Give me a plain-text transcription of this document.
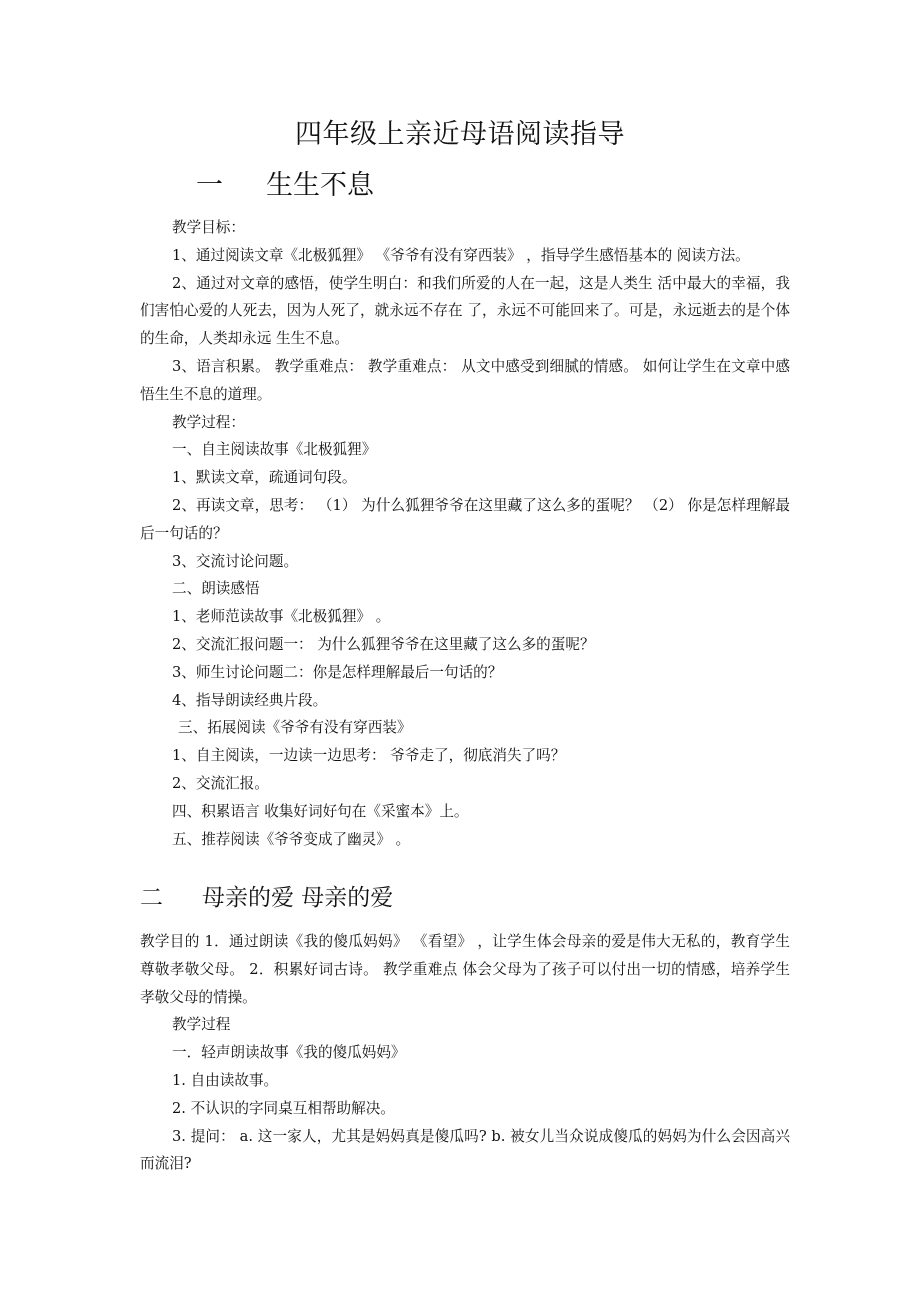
四年级上亲近母语阅读指导
一 生生不息

教学目标：

1、通过阅读文章《北极狐狸》 《爷爷有没有穿西装》 ，指导学生感悟基本的 阅读方法。

2、通过对文章的感悟，使学生明白：和我们所爱的人在一起，这是人类生 活中最大的幸福，我们害怕心爱的人死去，因为人死了，就永远不存在 了，永远不可能回来了。可是，永远逝去的是个体的生命，人类却永远 生生不息。

3、语言积累。 教学重难点： 教学重难点： 从文中感受到细腻的情感。 如何让学生在文章中感悟生生不息的道理。

教学过程：

一、自主阅读故事《北极狐狸》

1、默读文章，疏通词句段。

2、再读文章，思考： （1） 为什么狐狸爷爷在这里藏了这么多的蛋呢？ （2） 你是怎样理解最后一句话的？

3、交流讨论问题。

二、朗读感悟

1、老师范读故事《北极狐狸》 。

2、交流汇报问题一： 为什么狐狸爷爷在这里藏了这么多的蛋呢？

3、师生讨论问题二：你是怎样理解最后一句话的？

4、指导朗读经典片段。

三、拓展阅读《爷爷有没有穿西装》

1、自主阅读，一边读一边思考： 爷爷走了，彻底消失了吗？

2、交流汇报。

四、积累语言 收集好词好句在《采蜜本》上。

五、推荐阅读《爷爷变成了幽灵》 。

二 母亲的爱 母亲的爱

教学目的 1．通过朗读《我的傻瓜妈妈》 《看望》 ，让学生体会母亲的爱是伟大无私的，教育学生尊敬孝敬父母。 2．积累好词古诗。 教学重难点 体会父母为了孩子可以付出一切的情感，培养学生孝敬父母的情操。

教学过程

一．轻声朗读故事《我的傻瓜妈妈》

1. 自由读故事。

2. 不认识的字同桌互相帮助解决。

3. 提问： a. 这一家人，尤其是妈妈真是傻瓜吗? b. 被女儿当众说成傻瓜的妈妈为什么会因高兴而流泪?
